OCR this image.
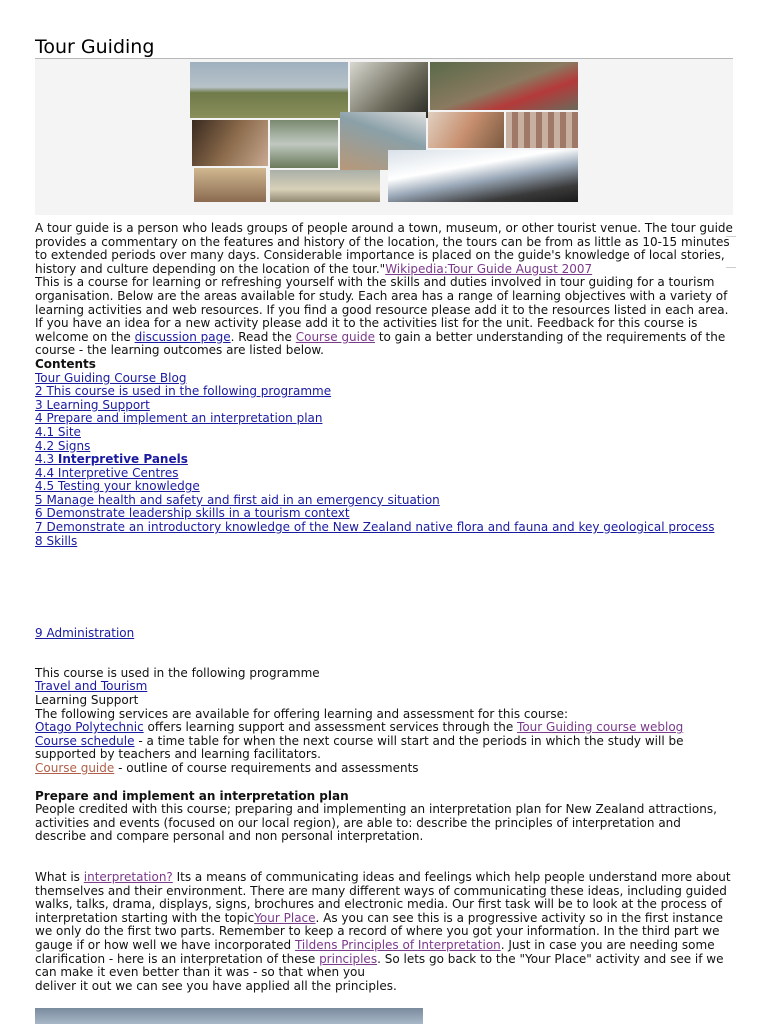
Tour Guiding

A tour guide is a person who leads groups of people around a town, museum, or other tourist venue. The tour guide provides a commentary on the features and history of the location, the tours can be from as little as 10-15 minutes to extended periods over many days. Considerable importance is placed on the guide's knowledge of local stories, history and culture depending on the location of the tour."Wikipedia:Tour Guide August 2007

This is a course for learning or refreshing yourself with the skills and duties involved in tour guiding for a tourism organisation. Below are the areas available for study. Each area has a range of learning objectives with a variety of learning activities and web resources. If you find a good resource please add it to the resources listed in each area. If you have an idea for a new activity please add it to the activities list for the unit. Feedback for this course is welcome on the discussion page. Read the Course guide to gain a better understanding of the requirements of the course - the learning outcomes are listed below.

Contents
Tour Guiding Course Blog
2 This course is used in the following programme
3 Learning Support
4 Prepare and implement an interpretation plan
4.1 Site
4.2 Signs
4.3 Interpretive Panels
4.4 Interpretive Centres
4.5 Testing your knowledge
5 Manage health and safety and first aid in an emergency situation
6 Demonstrate leadership skills in a tourism context
7 Demonstrate an introductory knowledge of the New Zealand native flora and fauna and key geological process
8 Skills
9 Administration

This course is used in the following programme

Travel and Tourism

Learning Support

The following services are available for offering learning and assessment for this course:

Otago Polytechnic offers learning support and assessment services through the Tour Guiding course weblog

Course schedule - a time table for when the next course will start and the periods in which the study will be supported by teachers and learning facilitators.

Course guide - outline of course requirements and assessments

Prepare and implement an interpretation plan

People credited with this course; preparing and implementing an interpretation plan for New Zealand attractions, activities and events (focused on our local region), are able to: describe the principles of interpretation and describe and compare personal and non personal interpretation.

What is interpretation? Its a means of communicating ideas and feelings which help people understand more about themselves and their environment. There are many different ways of communicating these ideas, including guided walks, talks, drama, displays, signs, brochures and electronic media. Our first task will be to look at the process of interpretation starting with the topicYour Place. As you can see this is a progressive activity so in the first instance we only do the first two parts. Remember to keep a record of where you got your information. In the third part we gauge if or how well we have incorporated Tildens Principles of Interpretation. Just in case you are needing some clarification - here is an interpretation of these principles. So lets go back to the "Your Place" activity and see if we can make it even better than it was - so that when you

deliver it out we can see you have applied all the principles.
